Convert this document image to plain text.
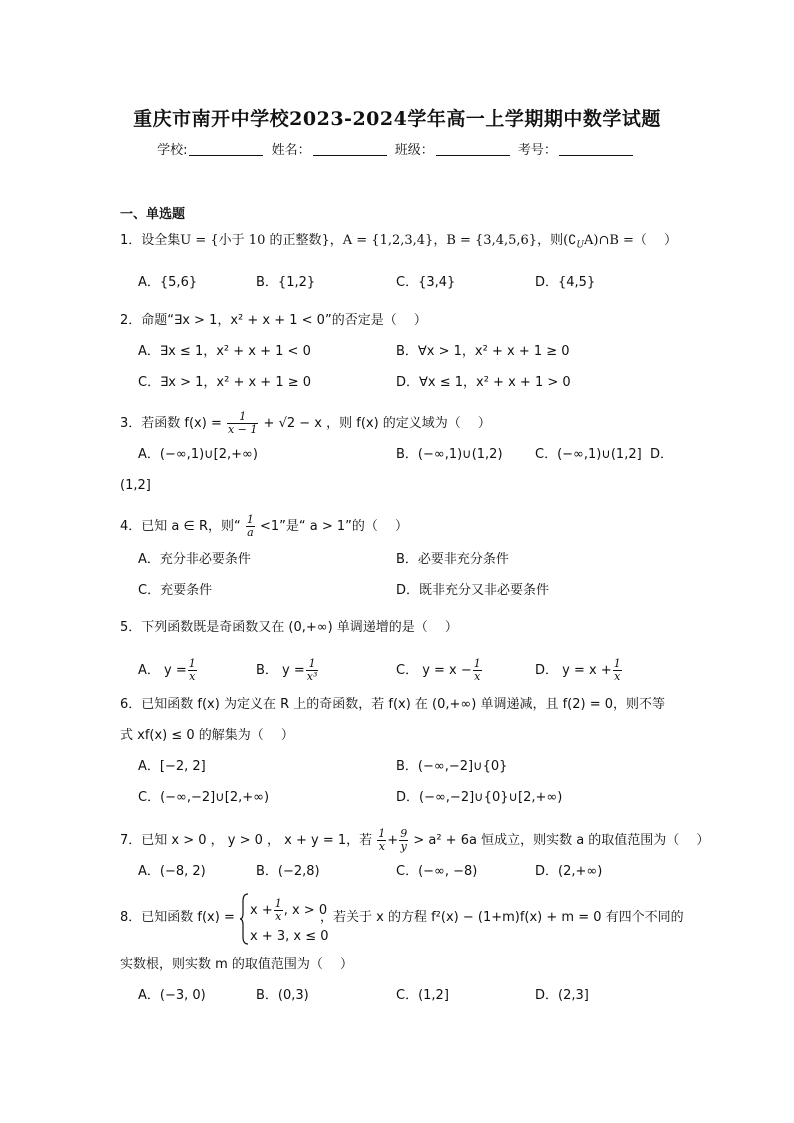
重庆市南开中学校2023-2024学年高一上学期期中数学试题
学校:	姓名：	班级：	考号：
一、单选题
1．设全集U = {小于 10 的正整数}，A = {1,2,3,4}，B = {3,4,5,6}，则$(∁_UA)\cap B$ =（　 ）
A．{5,6}	B．{1,2}	C．{3,4}	D．{4,5}
2．命题“∃x > 1，x² + x + 1 < 0”的否定是（　 ）
A．∃x ≤ 1，x² + x + 1 < 0	B．∀x > 1，x² + x + 1 ≥ 0
C．∃x > 1，x² + x + 1 ≥ 0	D．∀x ≤ 1，x² + x + 1 > 0
3．若函数 $f(x) = \frac{1}{x - 1} + √2 - x$ ，则 f(x) 的定义域为（　 ）
A．(−∞,1)∪[2,+∞)	B．(−∞,1)∪(1,2) C．(−∞,1)∪(1,2] D．
(1,2]
4．已知 a ∈ R，则“ $\frac{1}{a} <1$”是“ a > 1”的（　 ）
A．充分非必要条件	B．必要非充分条件
C．充要条件	D．既非充分又非必要条件
5．下列函数既是奇函数又在 (0,+∞) 单调递增的是（　 ）
A． $y = \frac{1}{x}$	B． $y = \frac{1}{\text{x³}}$	C． $y = x - \frac{1}{x}$	D． $y = x + \frac{1}{x}$
6．已知函数 f(x) 为定义在 R 上的奇函数，若 f(x) 在 (0,+∞) 单调递减，且 f(2) = 0，则不等
式 xf(x) ≤ 0 的解集为（　 ）
A．[−2, 2]	B．(−∞,−2]∪{0}
C．(−∞,−2]∪[2,+∞)	D．(−∞,−2]∪{0}∪[2,+∞)
7．已知 x > 0 ， y > 0 ， x + y = 1，若 $\frac{1}{x} + \frac{9}{y} > a^2 + 6a$ 恒成立，则实数 a 的取值范围为（　 ）
A．(−8, 2)	B．(−2,8)	C．(−∞, −8)	D．(2,+∞)
8．已知函数 $f(x) = x + \frac{1}{x}$ , x > 0
x + 3, x ≤ 0
，若关于 x 的方程 f²(x) − (1+m)f(x) + m = 0 有四个不同的
实数根，则实数 m 的取值范围为（　 ）
A．(−3, 0)	B．(0,3)	C．(1,2]	D．(2,3]
